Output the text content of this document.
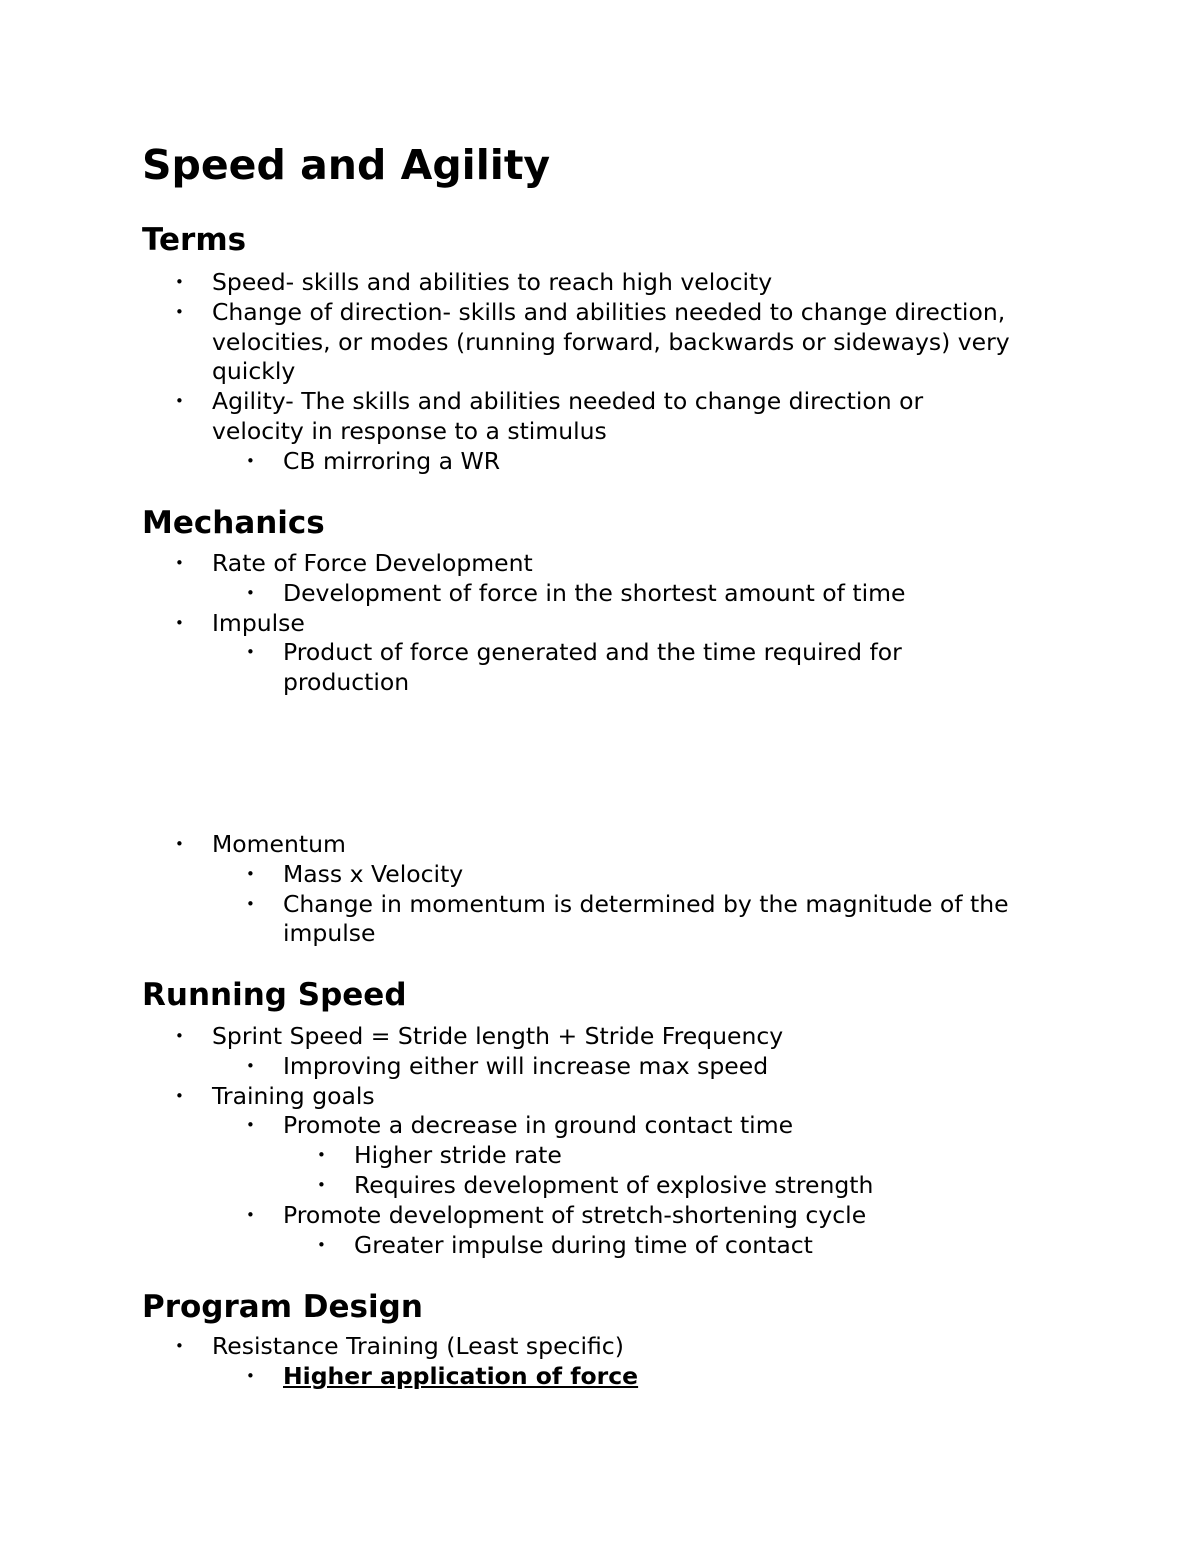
Speed and Agility
Terms
• Speed- skills and abilities to reach high velocity
• Change of direction- skills and abilities needed to change direction, velocities, or modes (running forward, backwards or sideways) very quickly
• Agility- The skills and abilities needed to change direction or velocity in response to a stimulus
• CB mirroring a WR
Mechanics
• Rate of Force Development
• Development of force in the shortest amount of time
• Impulse
• Product of force generated and the time required for production
• Momentum
• Mass x Velocity
• Change in momentum is determined by the magnitude of the impulse
Running Speed
• Sprint Speed = Stride length + Stride Frequency
• Improving either will increase max speed
• Training goals
• Promote a decrease in ground contact time
• Higher stride rate
• Requires development of explosive strength
• Promote development of stretch-shortening cycle
• Greater impulse during time of contact
Program Design
• Resistance Training (Least specific)
• Higher application of force
